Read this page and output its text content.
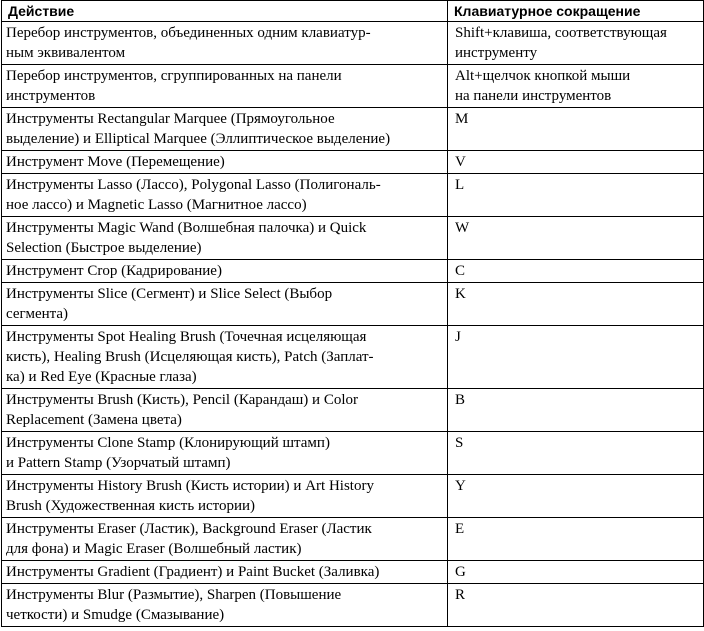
Действие	Клавиатурное сокращение
Перебор инструментов, объединенных одним клавиатур-
ным эквивалентом	Shift+клавиша, соответствующая
инструменту
Перебор инструментов, сгруппированных на панели
инструментов	Alt+щелчок кнопкой мыши
на панели инструментов
Инструменты Rectangular Marquee (Прямоугольное
выделение) и Elliptical Marquee (Эллиптическое выделение)	M
Инструмент Move (Перемещение)	V
Инструменты Lasso (Лассо), Polygonal Lasso (Полигональ-
ное лассо) и Magnetic Lasso (Магнитное лассо)	L
Инструменты Magic Wand (Волшебная палочка) и Quick
Selection (Быстрое выделение)	W
Инструмент Crop (Кадрирование)	C
Инструменты Slice (Сегмент) и Slice Select (Выбор
сегмента)	K
Инструменты Spot Healing Brush (Точечная исцеляющая
кисть), Healing Brush (Исцеляющая кисть), Patch (Заплат-
ка) и Red Eye (Красные глаза)	J
Инструменты Brush (Кисть), Pencil (Карандаш) и Color
Replacement (Замена цвета)	B
Инструменты Clone Stamp (Клонирующий штамп)
и Pattern Stamp (Узорчатый штамп)	S
Инструменты History Brush (Кисть истории) и Art History
Brush (Художественная кисть истории)	Y
Инструменты Eraser (Ластик), Background Eraser (Ластик
для фона) и Magic Eraser (Волшебный ластик)	E
Инструменты Gradient (Градиент) и Paint Bucket (Заливка)	G
Инструменты Blur (Размытие), Sharpen (Повышение
четкости) и Smudge (Смазывание)	R
